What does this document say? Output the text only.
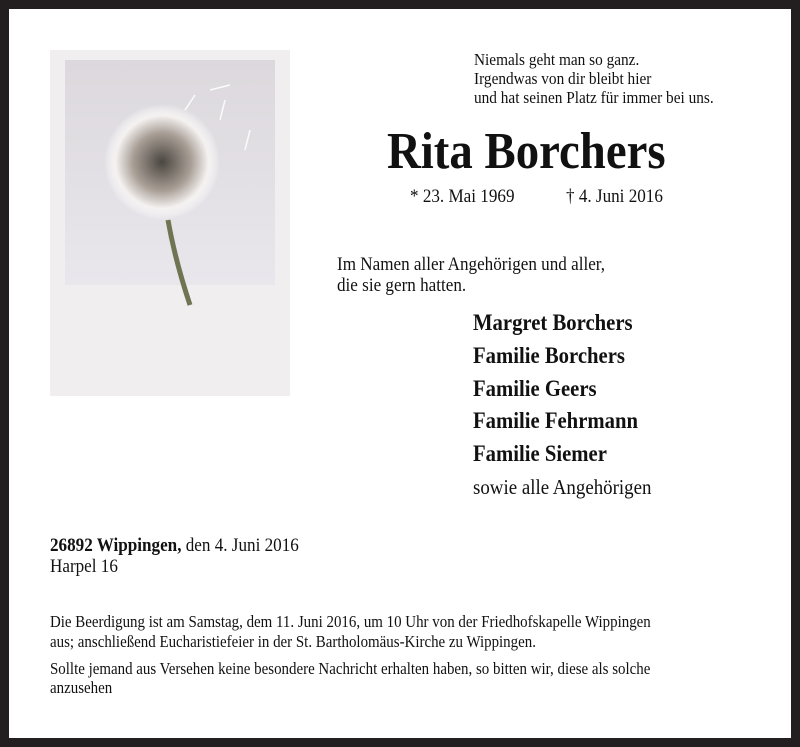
Niemals geht man so ganz.
Irgendwas von dir bleibt hier
und hat seinen Platz für immer bei uns.
Rita Borchers
* 23. Mai 1969	† 4. Juni 2016
Im Namen aller Angehörigen und aller,
die sie gern hatten.
Margret Borchers
Familie Borchers
Familie Geers
Familie Fehrmann
Familie Siemer
sowie alle Angehörigen
26892 Wippingen, den 4. Juni 2016
Harpel 16
Die Beerdigung ist am Samstag, dem 11. Juni 2016, um 10 Uhr von der Friedhofskapelle Wippingen
aus; anschließend Eucharistiefeier in der St. Bartholomäus-Kirche zu Wippingen.
Sollte jemand aus Versehen keine besondere Nachricht erhalten haben, so bitten wir, diese als solche
anzusehen
